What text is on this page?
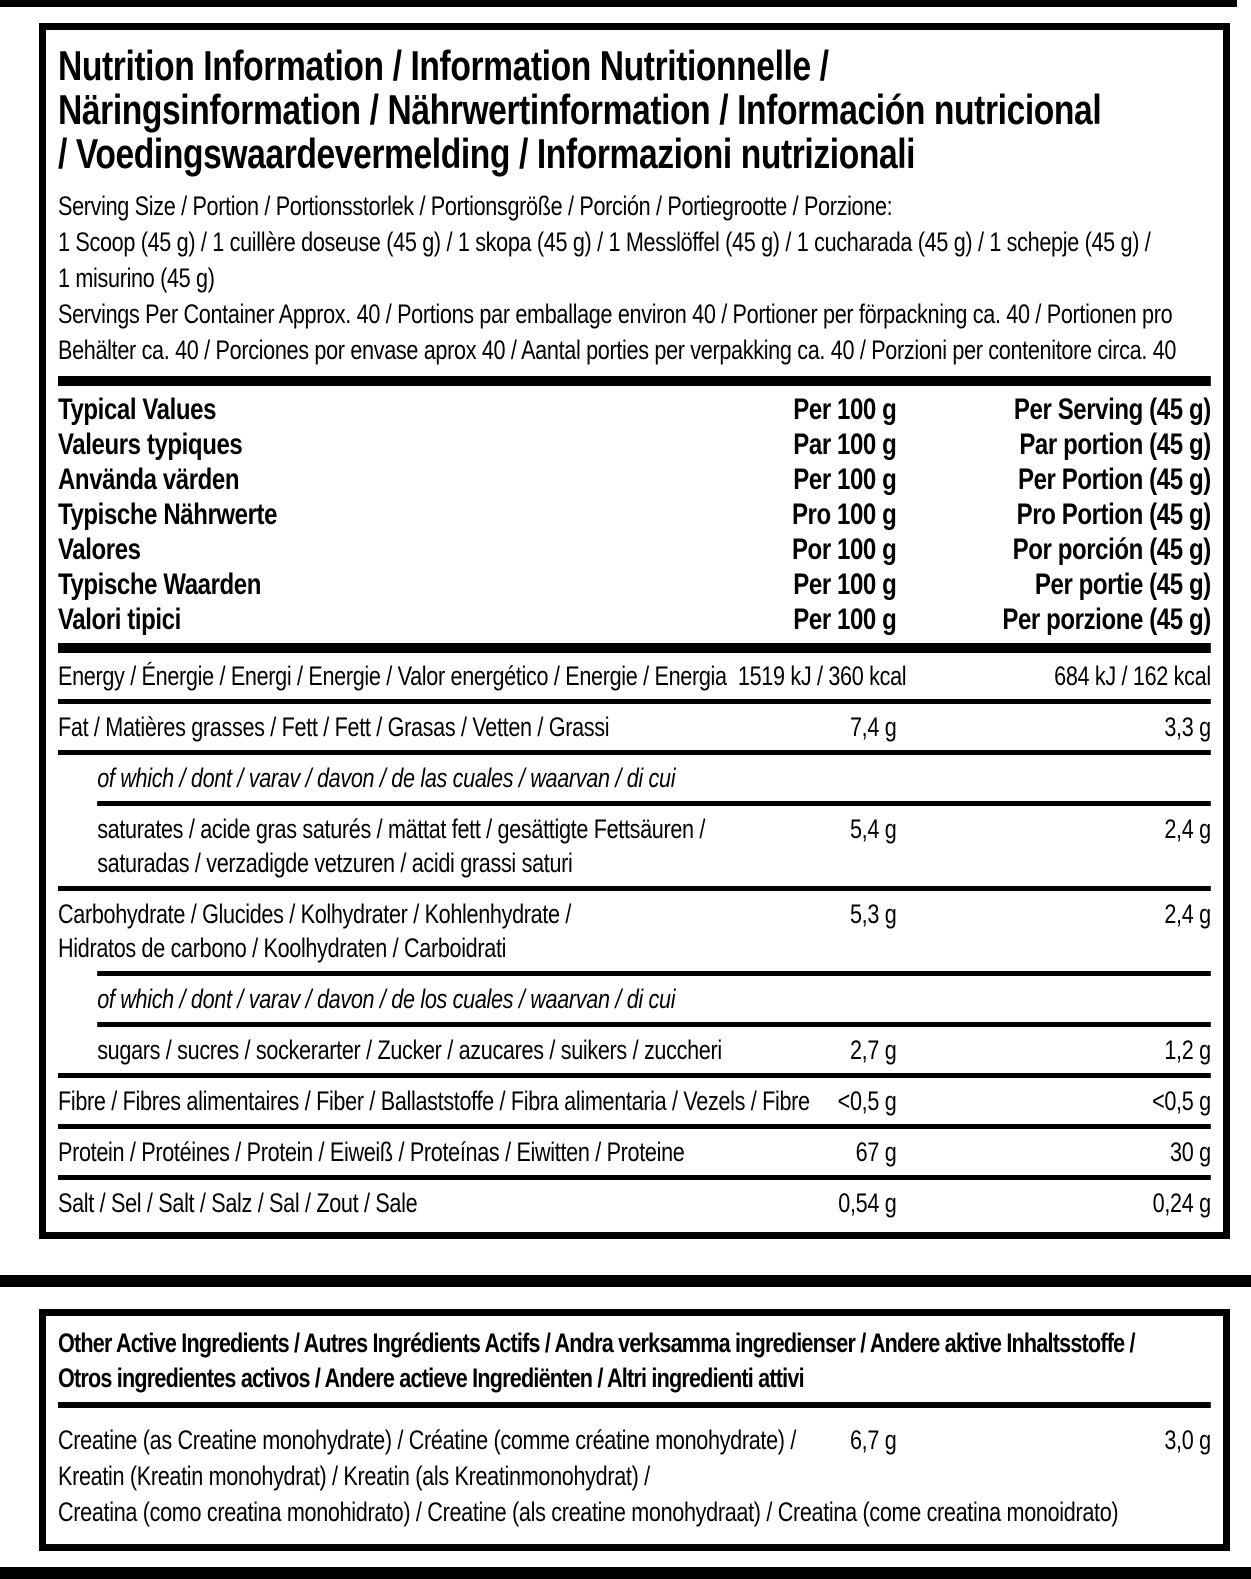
Nutrition Information / Information Nutritionnelle /
Näringsinformation / Nährwertinformation / Información nutricional
/ Voedingswaardevermelding / Informazioni nutrizionali
Serving Size / Portion / Portionsstorlek / Portionsgröße / Porción / Portiegrootte / Porzione:
1 Scoop (45 g) / 1 cuillère doseuse (45 g) / 1 skopa (45 g) / 1 Messlöffel (45 g) / 1 cucharada (45 g) / 1 schepje (45 g) /
1 misurino (45 g)
Servings Per Container Approx. 40 / Portions par emballage environ 40 / Portioner per förpackning ca. 40 / Portionen pro
Behälter ca. 40 / Porciones por envase aprox 40 / Aantal porties per verpakking ca. 40 / Porzioni per contenitore circa. 40
Typical Values	Per 100 g	Per Serving (45 g)
Valeurs typiques	Par 100 g	Par portion (45 g)
Använda värden	Per 100 g	Per Portion (45 g)
Typische Nährwerte	Pro 100 g	Pro Portion (45 g)
Valores	Por 100 g	Por porción (45 g)
Typische Waarden	Per 100 g	Per portie (45 g)
Valori tipici	Per 100 g	Per porzione (45 g)
Energy / Énergie / Energi / Energie / Valor energético / Energie / Energia 1519 kJ / 360 kcal	684 kJ / 162 kcal
Fat / Matières grasses / Fett / Fett / Grasas / Vetten / Grassi	7,4 g	3,3 g
of which / dont / varav / davon / de las cuales / waarvan / di cui
saturates / acide gras saturés / mättat fett / gesättigte Fettsäuren /
saturadas / verzadigde vetzuren / acidi grassi saturi
5,4 g	2,4 g
Carbohydrate / Glucides / Kolhydrater / Kohlenhydrate /
Hidratos de carbono / Koolhydraten / Carboidrati
5,3 g	2,4 g
of which / dont / varav / davon / de los cuales / waarvan / di cui
sugars / sucres / sockerarter / Zucker / azucares / suikers / zuccheri	2,7 g	1,2 g
Fibre / Fibres alimentaires / Fiber / Ballaststoffe / Fibra alimentaria / Vezels / Fibre	<0,5 g	<0,5 g
Protein / Protéines / Protein / Eiweiß / Proteínas / Eiwitten / Proteine	67 g	30 g
Salt / Sel / Salt / Salz / Sal / Zout / Sale	0,54 g	0,24 g
Other Active Ingredients / Autres Ingrédients Actifs / Andra verksamma ingredienser / Andere aktive Inhaltsstoffe /
Otros ingredientes activos / Andere actieve Ingrediënten / Altri ingredienti attivi
Creatine (as Creatine monohydrate) / Créatine (comme créatine monohydrate) /
Kreatin (Kreatin monohydrat) / Kreatin (als Kreatinmonohydrat) /
Creatina (como creatina monohidrato) / Creatine (als creatine monohydraat) / Creatina (come creatina monoidrato)
6,7 g	3,0 g
